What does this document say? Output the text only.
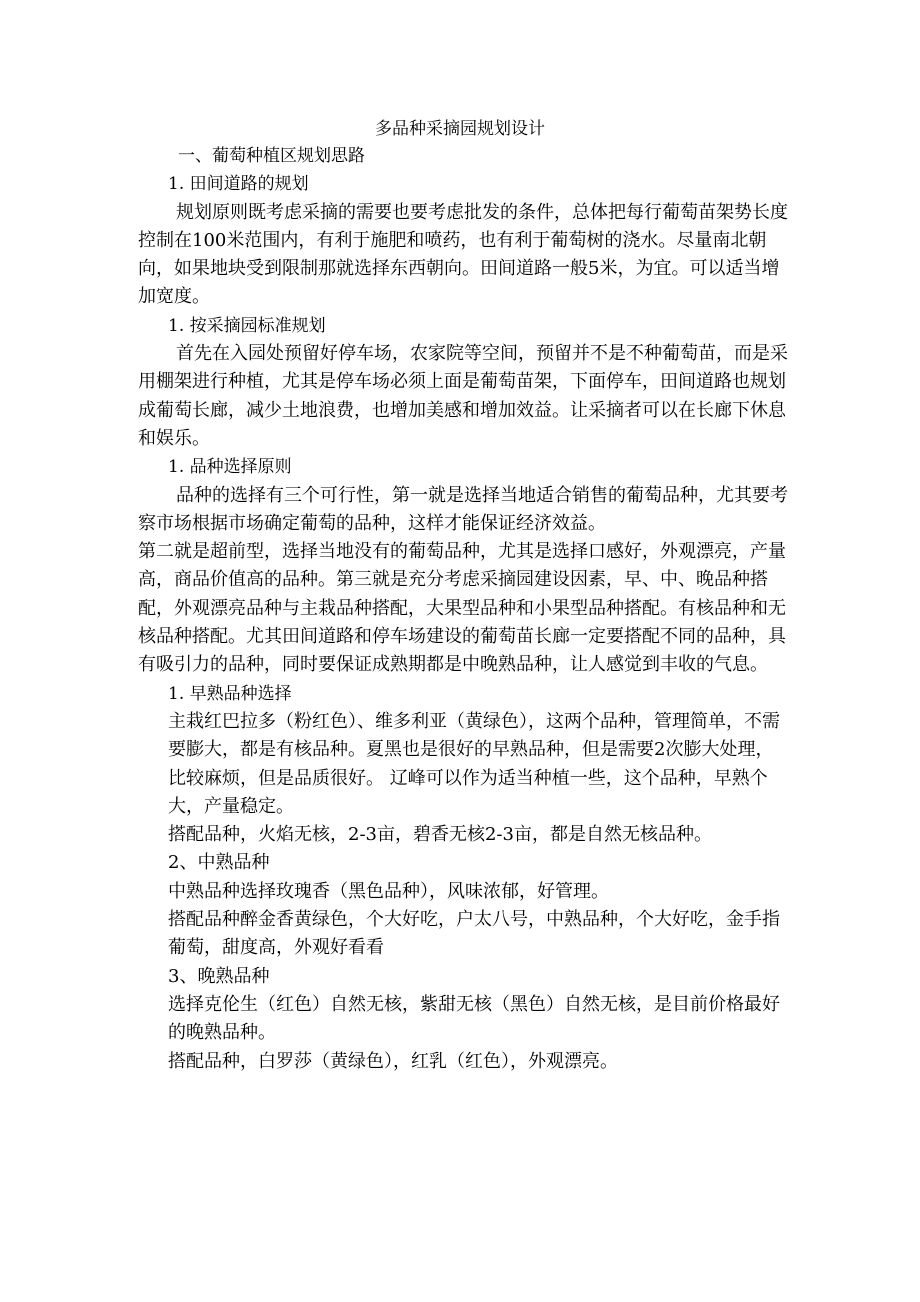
多品种采摘园规划设计

一、葡萄种植区规划思路

1. 田间道路的规划

规划原则既考虑采摘的需要也要考虑批发的条件，总体把每行葡萄苗架势长度控制在100米范围内，有利于施肥和喷药，也有利于葡萄树的浇水。尽量南北朝向，如果地块受到限制那就选择东西朝向。田间道路一般5米，为宜。可以适当增加宽度。

1. 按采摘园标准规划

首先在入园处预留好停车场，农家院等空间，预留并不是不种葡萄苗，而是采用棚架进行种植，尤其是停车场必须上面是葡萄苗架，下面停车，田间道路也规划成葡萄长廊，减少土地浪费，也增加美感和增加效益。让采摘者可以在长廊下休息和娱乐。

1. 品种选择原则

品种的选择有三个可行性，第一就是选择当地适合销售的葡萄品种，尤其要考察市场根据市场确定葡萄的品种，这样才能保证经济效益。

第二就是超前型，选择当地没有的葡萄品种，尤其是选择口感好，外观漂亮，产量高，商品价值高的品种。第三就是充分考虑采摘园建设因素，早、中、晚品种搭配，外观漂亮品种与主栽品种搭配，大果型品种和小果型品种搭配。有核品种和无核品种搭配。尤其田间道路和停车场建设的葡萄苗长廊一定要搭配不同的品种，具有吸引力的品种，同时要保证成熟期都是中晚熟品种，让人感觉到丰收的气息。

1. 早熟品种选择

主栽红巴拉多（粉红色）、维多利亚（黄绿色），这两个品种，管理简单，不需要膨大，都是有核品种。夏黑也是很好的早熟品种，但是需要2次膨大处理，比较麻烦，但是品质很好。 辽峰可以作为适当种植一些，这个品种，早熟个大，产量稳定。

搭配品种，火焰无核，2-3亩，碧香无核2-3亩，都是自然无核品种。

2、中熟品种

中熟品种选择玫瑰香（黑色品种），风味浓郁，好管理。

搭配品种醉金香黄绿色，个大好吃，户太八号，中熟品种，个大好吃，金手指葡萄，甜度高，外观好看看

3、晚熟品种

选择克伦生（红色）自然无核，紫甜无核（黑色）自然无核，是目前价格最好的晚熟品种。

搭配品种，白罗莎（黄绿色），红乳（红色），外观漂亮。
